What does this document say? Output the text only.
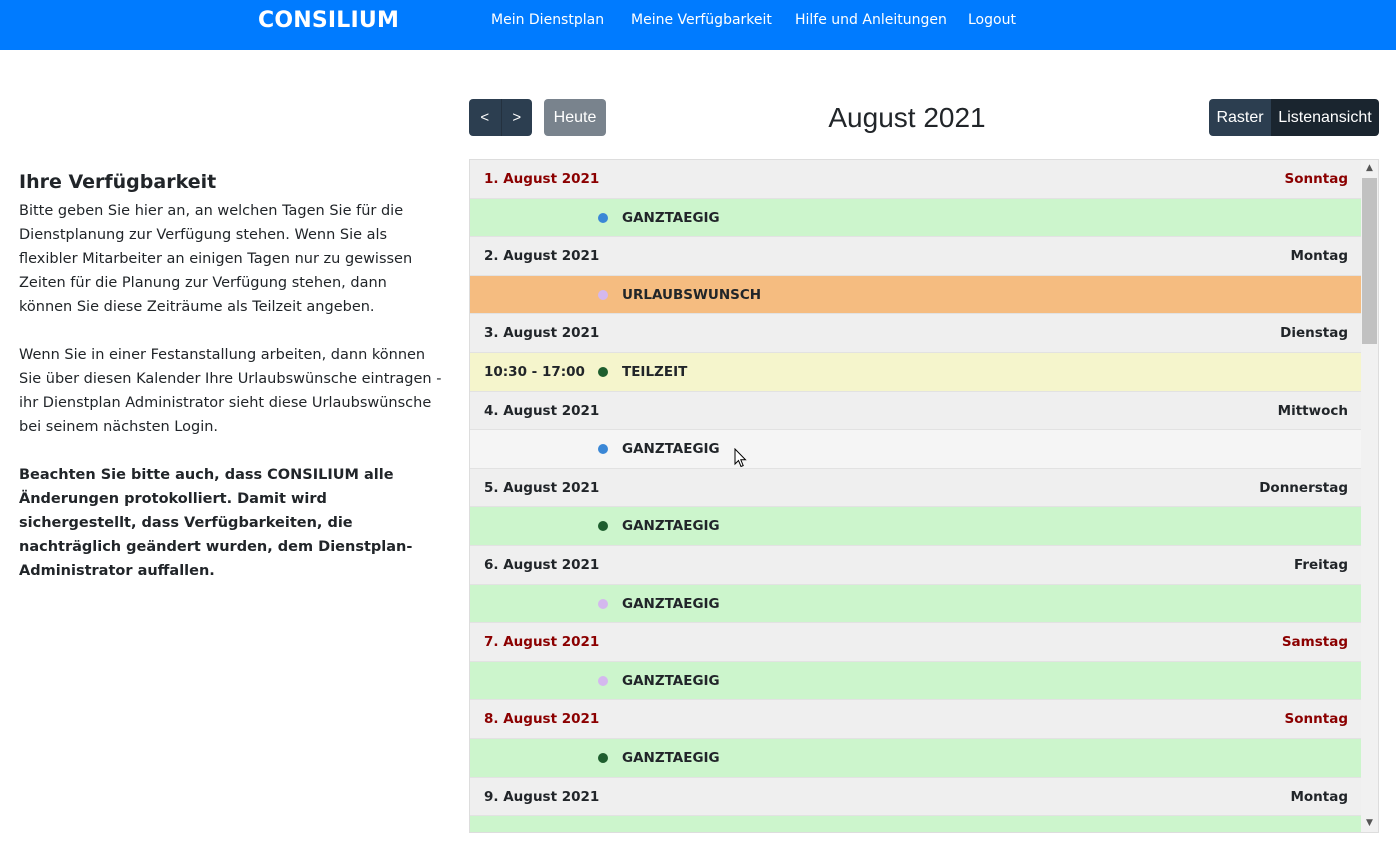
CONSILIUM	Mein Dienstplan Meine Verfügbarkeit Hilfe und Anleitungen Logout
Ihre Verfügbarkeit

Bitte geben Sie hier an, an welchen Tagen Sie für die Dienstplanung zur Verfügung stehen. Wenn Sie als flexibler Mitarbeiter an einigen Tagen nur zu gewissen Zeiten für die Planung zur Verfügung stehen, dann können Sie diese Zeiträume als Teilzeit angeben.

Wenn Sie in einer Festanstallung arbeiten, dann können Sie über diesen Kalender Ihre Urlaubswünsche eintragen - ihr Dienstplan Administrator sieht diese Urlaubswünsche bei seinem nächsten Login.

Beachten Sie bitte auch, dass CONSILIUM alle Änderungen protokolliert. Damit wird sichergestellt, dass Verfügbarkeiten, die nachträglich geändert wurden, dem Dienstplan-Administrator auffallen.

<	>	Heute	August 2021	Raster Listenansicht
1. August 2021	Sonntag
GANZTAEGIG
2. August 2021	Montag
URLAUBSWUNSCH
3. August 2021	Dienstag
10:30 - 17:00	TEILZEIT
4. August 2021	Mittwoch
GANZTAEGIG
5. August 2021	Donnerstag
GANZTAEGIG
6. August 2021	Freitag
GANZTAEGIG
7. August 2021	Samstag
GANZTAEGIG
8. August 2021	Sonntag
GANZTAEGIG
9. August 2021	Montag
▲
▼
